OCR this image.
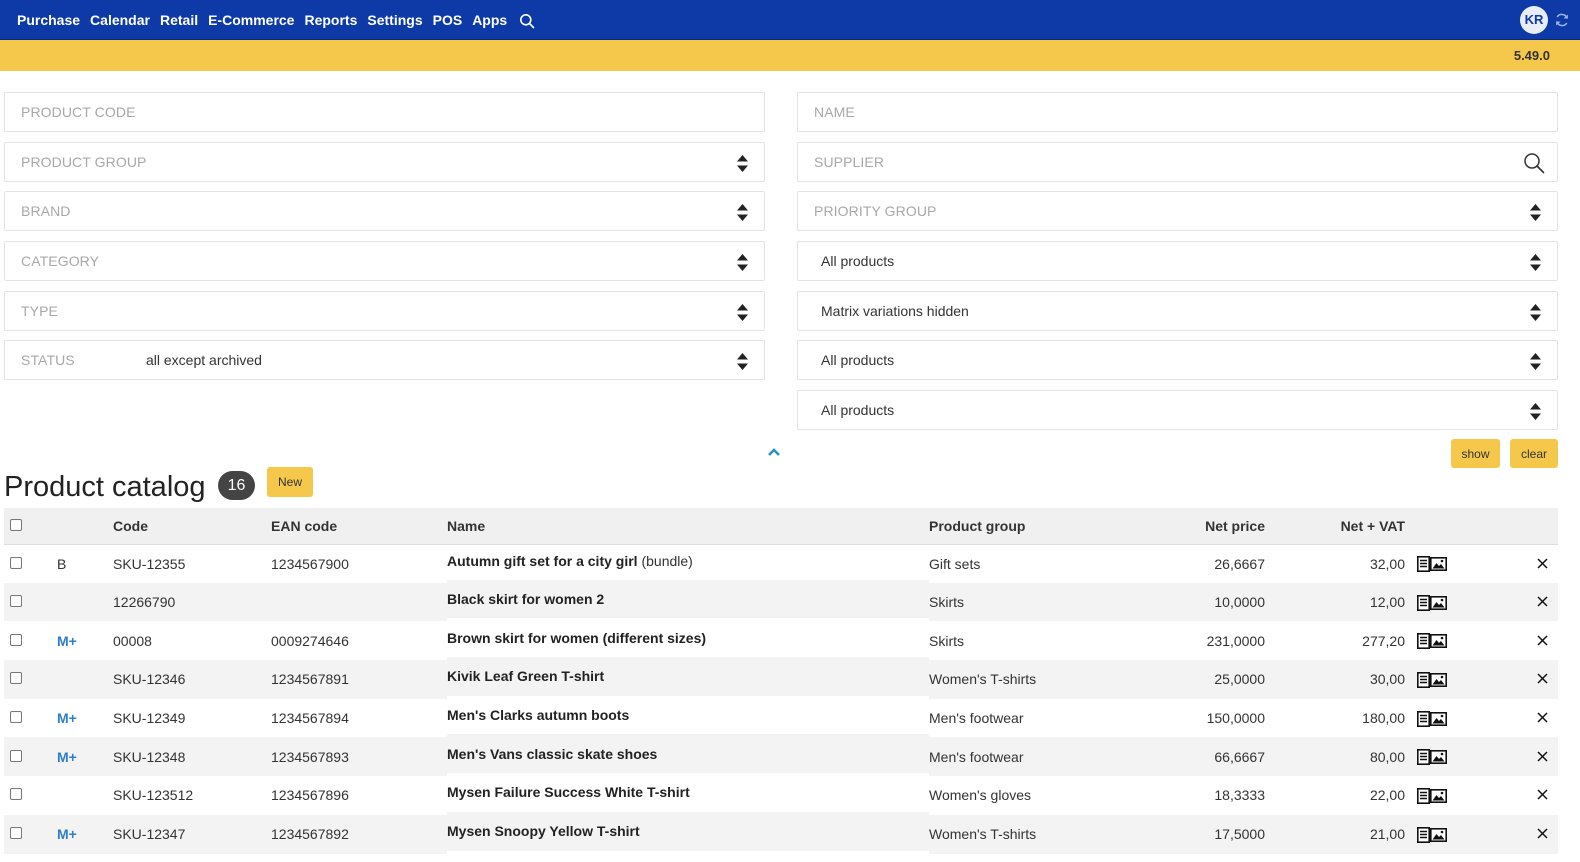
Purchase Calendar Retail E-Commerce Reports Settings POS Apps	KR
5.49.0
PRODUCT CODE
PRODUCT GROUP
BRAND
CATEGORY
TYPE
STATUS	all except archived
NAME
SUPPLIER
PRIORITY GROUP
All products
Matrix variations hidden
All products
All products
show	clear
Product catalog	16	New
		Code	EAN code	Name	Product group	Net price	Net + VAT		
	B	SKU-12355	1234567900	Autumn gift set for a city girl (bundle)	Gift sets	26,6667	32,00		
		12266790		Black skirt for women 2	Skirts	10,0000	12,00		
	M+	00008	0009274646	Brown skirt for women (different sizes)	Skirts	231,0000	277,20		
		SKU-12346	1234567891	Kivik Leaf Green T-shirt	Women's T-shirts	25,0000	30,00		
	M+	SKU-12349	1234567894	Men's Clarks autumn boots	Men's footwear	150,0000	180,00		
	M+	SKU-12348	1234567893	Men's Vans classic skate shoes	Men's footwear	66,6667	80,00		
		SKU-123512	1234567896	Mysen Failure Success White T-shirt	Women's gloves	18,3333	22,00		
	M+	SKU-12347	1234567892	Mysen Snoopy Yellow T-shirt	Women's T-shirts	17,5000	21,00		
